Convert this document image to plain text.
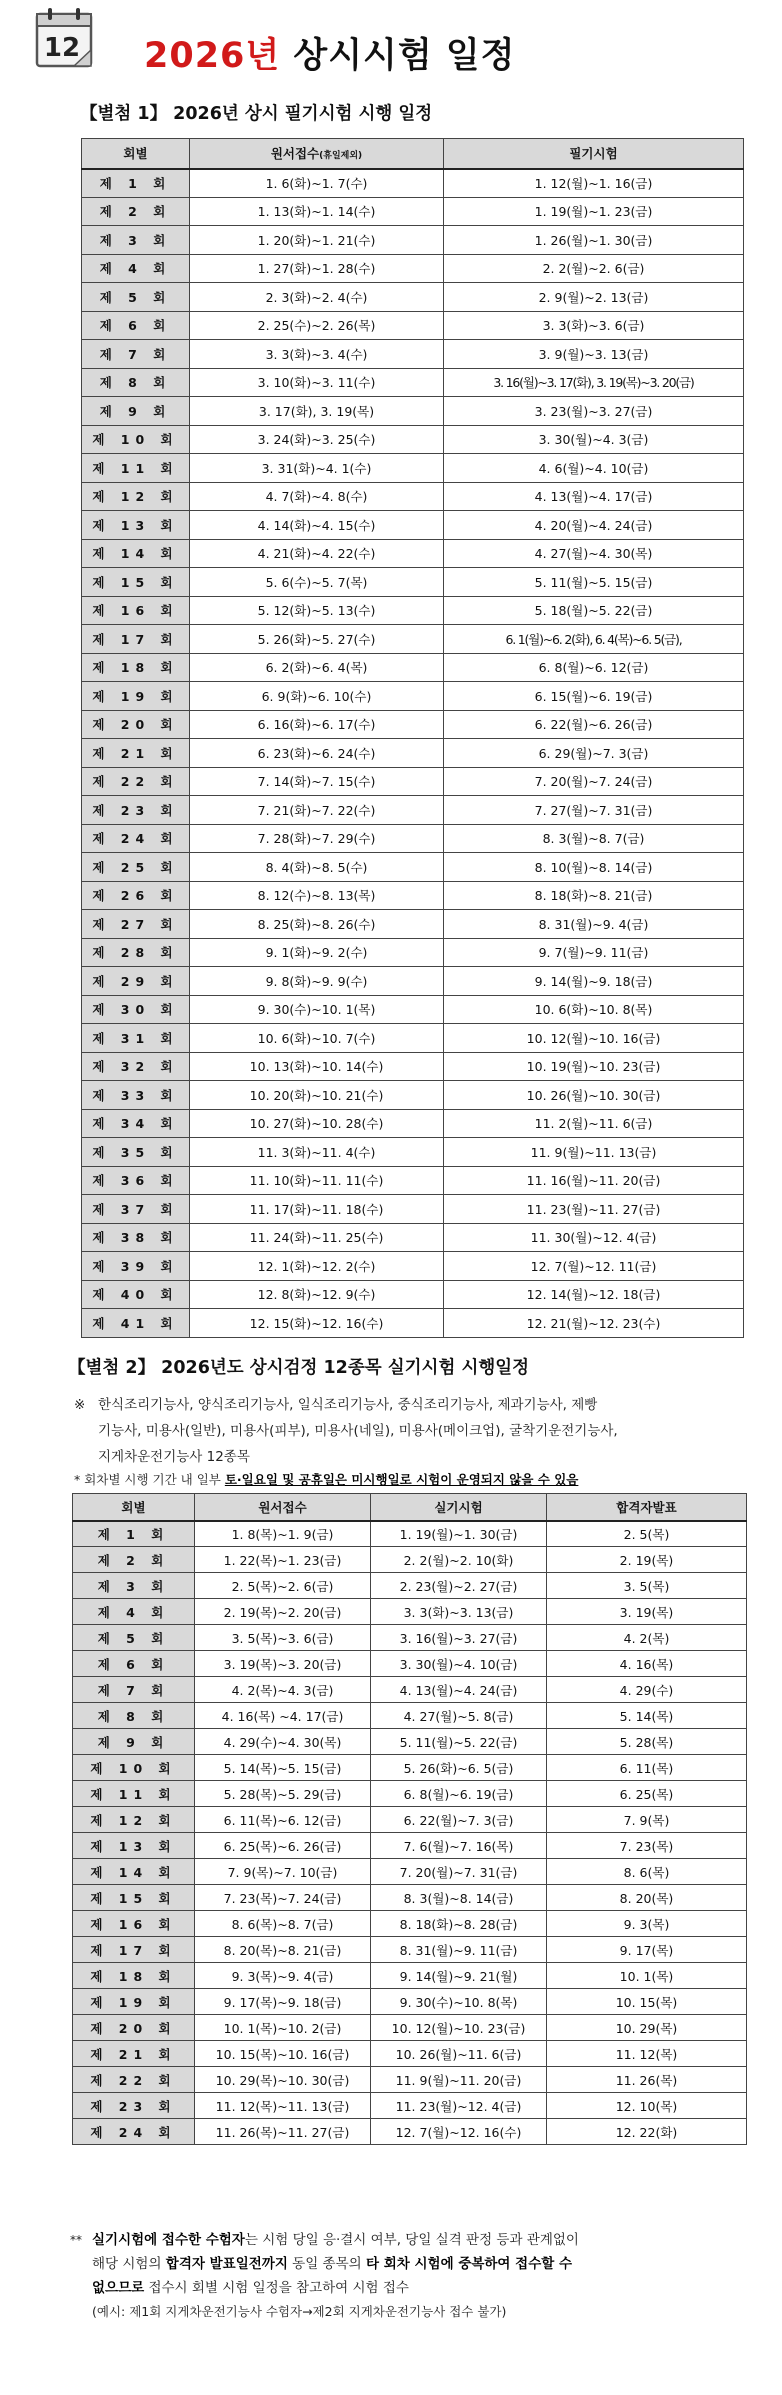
12 2026년 상시시험 일정
【별첨 1】 2026년 상시 필기시험 시행 일정
회별	원서접수(휴일제외)	필기시험
제 1 회	1. 6(화)~1. 7(수)	1. 12(월)~1. 16(금)
제 2 회	1. 13(화)~1. 14(수)	1. 19(월)~1. 23(금)
제 3 회	1. 20(화)~1. 21(수)	1. 26(월)~1. 30(금)
제 4 회	1. 27(화)~1. 28(수)	2. 2(월)~2. 6(금)
제 5 회	2. 3(화)~2. 4(수)	2. 9(월)~2. 13(금)
제 6 회	2. 25(수)~2. 26(목)	3. 3(화)~3. 6(금)
제 7 회	3. 3(화)~3. 4(수)	3. 9(월)~3. 13(금)
제 8 회	3. 10(화)~3. 11(수)	3. 16(월)~3. 17(화), 3. 19(목)~3. 20(금)
제 9 회	3. 17(화), 3. 19(목)	3. 23(월)~3. 27(금)
제 10 회	3. 24(화)~3. 25(수)	3. 30(월)~4. 3(금)
제 11 회	3. 31(화)~4. 1(수)	4. 6(월)~4. 10(금)
제 12 회	4. 7(화)~4. 8(수)	4. 13(월)~4. 17(금)
제 13 회	4. 14(화)~4. 15(수)	4. 20(월)~4. 24(금)
제 14 회	4. 21(화)~4. 22(수)	4. 27(월)~4. 30(목)
제 15 회	5. 6(수)~5. 7(목)	5. 11(월)~5. 15(금)
제 16 회	5. 12(화)~5. 13(수)	5. 18(월)~5. 22(금)
제 17 회	5. 26(화)~5. 27(수)	6. 1(월)~6. 2(화), 6. 4(목)~6. 5(금),
제 18 회	6. 2(화)~6. 4(목)	6. 8(월)~6. 12(금)
제 19 회	6. 9(화)~6. 10(수)	6. 15(월)~6. 19(금)
제 20 회	6. 16(화)~6. 17(수)	6. 22(월)~6. 26(금)
제 21 회	6. 23(화)~6. 24(수)	6. 29(월)~7. 3(금)
제 22 회	7. 14(화)~7. 15(수)	7. 20(월)~7. 24(금)
제 23 회	7. 21(화)~7. 22(수)	7. 27(월)~7. 31(금)
제 24 회	7. 28(화)~7. 29(수)	8. 3(월)~8. 7(금)
제 25 회	8. 4(화)~8. 5(수)	8. 10(월)~8. 14(금)
제 26 회	8. 12(수)~8. 13(목)	8. 18(화)~8. 21(금)
제 27 회	8. 25(화)~8. 26(수)	8. 31(월)~9. 4(금)
제 28 회	9. 1(화)~9. 2(수)	9. 7(월)~9. 11(금)
제 29 회	9. 8(화)~9. 9(수)	9. 14(월)~9. 18(금)
제 30 회	9. 30(수)~10. 1(목)	10. 6(화)~10. 8(목)
제 31 회	10. 6(화)~10. 7(수)	10. 12(월)~10. 16(금)
제 32 회	10. 13(화)~10. 14(수)	10. 19(월)~10. 23(금)
제 33 회	10. 20(화)~10. 21(수)	10. 26(월)~10. 30(금)
제 34 회	10. 27(화)~10. 28(수)	11. 2(월)~11. 6(금)
제 35 회	11. 3(화)~11. 4(수)	11. 9(월)~11. 13(금)
제 36 회	11. 10(화)~11. 11(수)	11. 16(월)~11. 20(금)
제 37 회	11. 17(화)~11. 18(수)	11. 23(월)~11. 27(금)
제 38 회	11. 24(화)~11. 25(수)	11. 30(월)~12. 4(금)
제 39 회	12. 1(화)~12. 2(수)	12. 7(월)~12. 11(금)
제 40 회	12. 8(화)~12. 9(수)	12. 14(월)~12. 18(금)
제 41 회	12. 15(화)~12. 16(수)	12. 21(월)~12. 23(수)
【별첨 2】 2026년도 상시검정 12종목 실기시험 시행일정
※ 한식조리기능사, 양식조리기능사, 일식조리기능사, 중식조리기능사, 제과기능사, 제빵
기능사, 미용사(일반), 미용사(피부), 미용사(네일), 미용사(메이크업), 굴착기운전기능사,
지게차운전기능사 12종목
* 회차별 시행 기간 내 일부 토·일요일 및 공휴일은 미시행일로 시험이 운영되지 않을 수 있음
회별	원서접수	실기시험	합격자발표
제 1 회	1. 8(목)~1. 9(금)	1. 19(월)~1. 30(금)	2. 5(목)
제 2 회	1. 22(목)~1. 23(금)	2. 2(월)~2. 10(화)	2. 19(목)
제 3 회	2. 5(목)~2. 6(금)	2. 23(월)~2. 27(금)	3. 5(목)
제 4 회	2. 19(목)~2. 20(금)	3. 3(화)~3. 13(금)	3. 19(목)
제 5 회	3. 5(목)~3. 6(금)	3. 16(월)~3. 27(금)	4. 2(목)
제 6 회	3. 19(목)~3. 20(금)	3. 30(월)~4. 10(금)	4. 16(목)
제 7 회	4. 2(목)~4. 3(금)	4. 13(월)~4. 24(금)	4. 29(수)
제 8 회	4. 16(목) ~4. 17(금)	4. 27(월)~5. 8(금)	5. 14(목)
제 9 회	4. 29(수)~4. 30(목)	5. 11(월)~5. 22(금)	5. 28(목)
제 10 회	5. 14(목)~5. 15(금)	5. 26(화)~6. 5(금)	6. 11(목)
제 11 회	5. 28(목)~5. 29(금)	6. 8(월)~6. 19(금)	6. 25(목)
제 12 회	6. 11(목)~6. 12(금)	6. 22(월)~7. 3(금)	7. 9(목)
제 13 회	6. 25(목)~6. 26(금)	7. 6(월)~7. 16(목)	7. 23(목)
제 14 회	7. 9(목)~7. 10(금)	7. 20(월)~7. 31(금)	8. 6(목)
제 15 회	7. 23(목)~7. 24(금)	8. 3(월)~8. 14(금)	8. 20(목)
제 16 회	8. 6(목)~8. 7(금)	8. 18(화)~8. 28(금)	9. 3(목)
제 17 회	8. 20(목)~8. 21(금)	8. 31(월)~9. 11(금)	9. 17(목)
제 18 회	9. 3(목)~9. 4(금)	9. 14(월)~9. 21(월)	10. 1(목)
제 19 회	9. 17(목)~9. 18(금)	9. 30(수)~10. 8(목)	10. 15(목)
제 20 회	10. 1(목)~10. 2(금)	10. 12(월)~10. 23(금)	10. 29(목)
제 21 회	10. 15(목)~10. 16(금)	10. 26(월)~11. 6(금)	11. 12(목)
제 22 회	10. 29(목)~10. 30(금)	11. 9(월)~11. 20(금)	11. 26(목)
제 23 회	11. 12(목)~11. 13(금)	11. 23(월)~12. 4(금)	12. 10(목)
제 24 회	11. 26(목)~11. 27(금)	12. 7(월)~12. 16(수)	12. 22(화)
** 실기시험에 접수한 수험자는 시험 당일 응·결시 여부, 당일 실격 판정 등과 관계없이
해당 시험의 합격자 발표일전까지 동일 종목의 타 회차 시험에 중복하여 접수할 수
없으므로 접수시 회별 시험 일정을 참고하여 시험 접수
(예시: 제1회 지게차운전기능사 수험자→제2회 지게차운전기능사 접수 불가)
